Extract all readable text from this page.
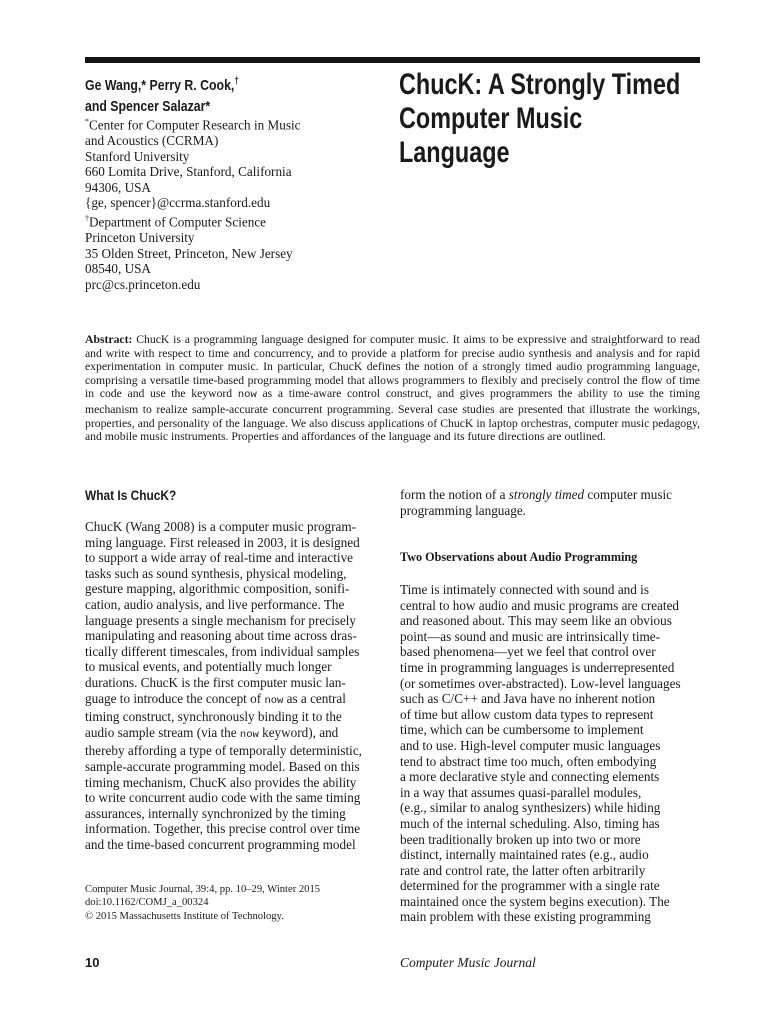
Ge Wang,* Perry R. Cook,†
and Spencer Salazar*
ChucK: A Strongly Timed
Computer Music Language
*Center for Computer Research in Music
and Acoustics (CCRMA)
Stanford University
660 Lomita Drive, Stanford, California
94306, USA
{ge, spencer}@ccrma.stanford.edu
†Department of Computer Science
Princeton University
35 Olden Street, Princeton, New Jersey
08540, USA
prc@cs.princeton.edu
Abstract: ChucK is a programming language designed for computer music. It aims to be expressive and straightforward to read and write with respect to time and concurrency, and to provide a platform for precise audio synthesis and analysis and for rapid experimentation in computer music. In particular, ChucK defines the notion of a strongly timed audio programming language, comprising a versatile time-based programming model that allows programmers to flexibly and precisely control the flow of time in code and use the keyword now as a time-aware control construct, and gives programmers the ability to use the timing mechanism to realize sample-accurate concurrent programming. Several case studies are presented that illustrate the workings, properties, and personality of the language. We also discuss applications of ChucK in laptop orchestras, computer music pedagogy, and mobile music instruments. Properties and affordances of the language and its future directions are outlined.
What Is ChucK?
ChucK (Wang 2008) is a computer music program-
ming language. First released in 2003, it is designed
to support a wide array of real-time and interactive
tasks such as sound synthesis, physical modeling,
gesture mapping, algorithmic composition, sonifi-
cation, audio analysis, and live performance. The
language presents a single mechanism for precisely
manipulating and reasoning about time across dras-
tically different timescales, from individual samples
to musical events, and potentially much longer
durations. ChucK is the first computer music lan-
guage to introduce the concept of now as a central
timing construct, synchronously binding it to the
audio sample stream (via the now keyword), and
thereby affording a type of temporally deterministic,
sample-accurate programming model. Based on this
timing mechanism, ChucK also provides the ability
to write concurrent audio code with the same timing
assurances, internally synchronized by the timing
information. Together, this precise control over time
and the time-based concurrent programming model
form the notion of a strongly timed computer music
programming language.
Two Observations about Audio Programming
Time is intimately connected with sound and is
central to how audio and music programs are created
and reasoned about. This may seem like an obvious
point—as sound and music are intrinsically time-
based phenomena—yet we feel that control over
time in programming languages is underrepresented
(or sometimes over-abstracted). Low-level languages
such as C/C++ and Java have no inherent notion
of time but allow custom data types to represent
time, which can be cumbersome to implement
and to use. High-level computer music languages
tend to abstract time too much, often embodying
a more declarative style and connecting elements
in a way that assumes quasi-parallel modules,
(e.g., similar to analog synthesizers) while hiding
much of the internal scheduling. Also, timing has
been traditionally broken up into two or more
distinct, internally maintained rates (e.g., audio
rate and control rate, the latter often arbitrarily
determined for the programmer with a single rate
maintained once the system begins execution). The
main problem with these existing programming
Computer Music Journal, 39:4, pp. 10–29, Winter 2015
doi:10.1162/COMJ_a_00324
© 2015 Massachusetts Institute of Technology.
10	Computer Music Journal
